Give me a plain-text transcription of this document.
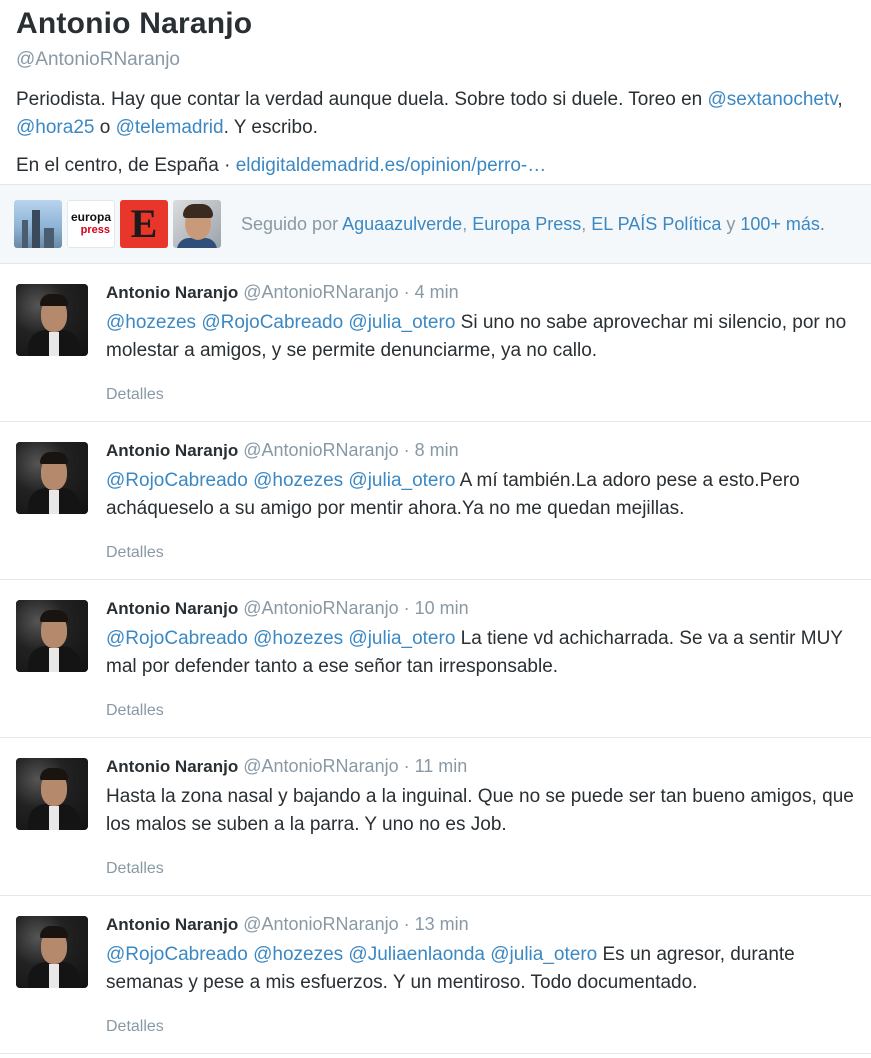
Antonio Naranjo
@AntonioRNaranjo
Periodista. Hay que contar la verdad aunque duela. Sobre todo si duele. Toreo en @sextanochetv, @hora25 o @telemadrid. Y escribo.
En el centro, de España · eldigitaldemadrid.es/opinion/perro-…
europa
press E	Seguido por Aguaazulverde, Europa Press, EL PAÍS Política y 100+ más.
Antonio Naranjo @AntonioRNaranjo · 4 min
@hozezes @RojoCabreado @julia_otero Si uno no sabe aprovechar mi silencio, por no molestar a amigos, y se permite denunciarme, ya no callo.
Detalles
Antonio Naranjo @AntonioRNaranjo · 8 min
@RojoCabreado @hozezes @julia_otero A mí también.La adoro pese a esto.Pero acháqueselo a su amigo por mentir ahora.Ya no me quedan mejillas.
Detalles
Antonio Naranjo @AntonioRNaranjo · 10 min
@RojoCabreado @hozezes @julia_otero La tiene vd achicharrada. Se va a sentir MUY mal por defender tanto a ese señor tan irresponsable.
Detalles
Antonio Naranjo @AntonioRNaranjo · 11 min
Hasta la zona nasal y bajando a la inguinal. Que no se puede ser tan bueno amigos, que los malos se suben a la parra. Y uno no es Job.
Detalles
Antonio Naranjo @AntonioRNaranjo · 13 min
@RojoCabreado @hozezes @Juliaenlaonda @julia_otero Es un agresor, durante semanas y pese a mis esfuerzos. Y un mentiroso. Todo documentado.
Detalles
